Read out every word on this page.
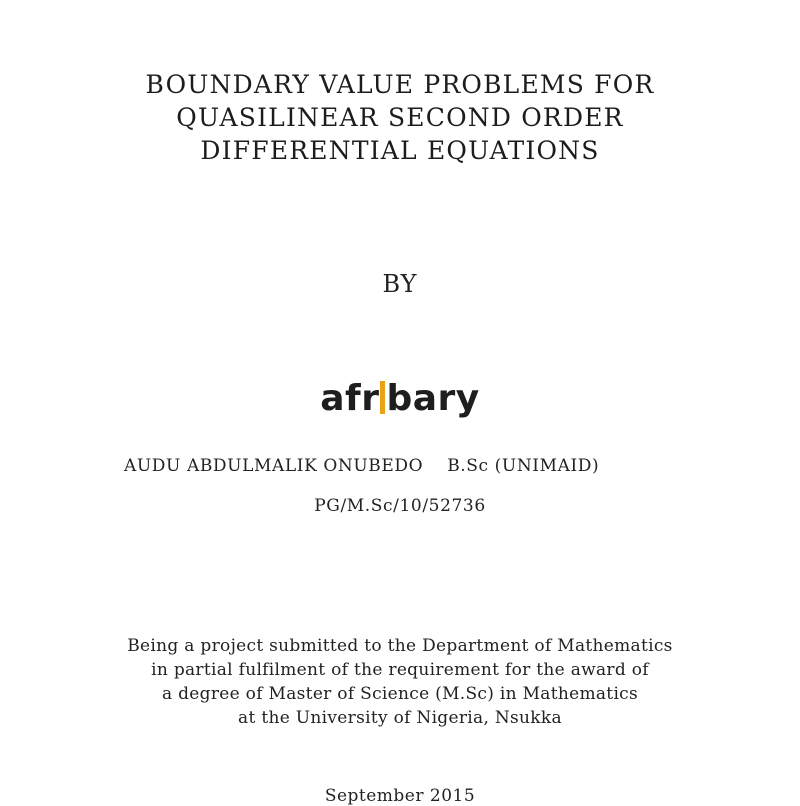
BOUNDARY VALUE PROBLEMS FOR
QUASILINEAR SECOND ORDER
DIFFERENTIAL EQUATIONS
BY
afr bary
AUDU ABDULMALIK ONUBEDO B.Sc (UNIMAID)
PG/M.Sc/10/52736
Being a project submitted to the Department of Mathematics
in partial fulfilment of the requirement for the award of
a degree of Master of Science (M.Sc) in Mathematics
at the University of Nigeria, Nsukka
September 2015
